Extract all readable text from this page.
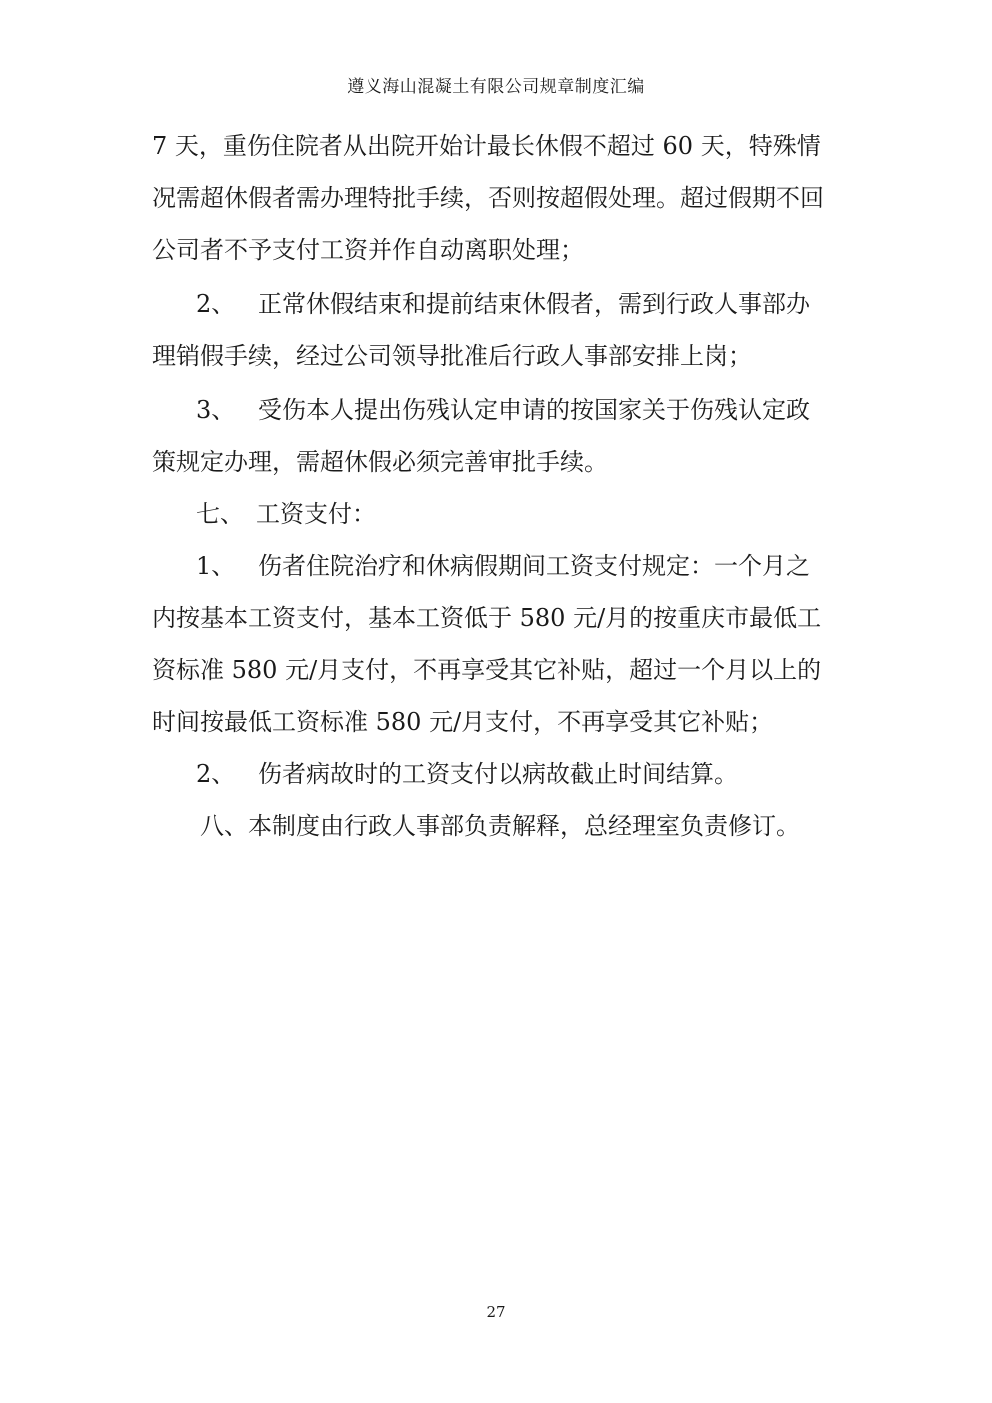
遵义海山混凝土有限公司规章制度汇编
7 天，重伤住院者从出院开始计最长休假不超过 60 天，特殊情
况需超休假者需办理特批手续，否则按超假处理。超过假期不回
公司者不予支付工资并作自动离职处理；
2、 正常休假结束和提前结束休假者，需到行政人事部办
理销假手续，经过公司领导批准后行政人事部安排上岗；
3、 受伤本人提出伤残认定申请的按国家关于伤残认定政
策规定办理，需超休假必须完善审批手续。
七、 工资支付：
1、 伤者住院治疗和休病假期间工资支付规定：一个月之
内按基本工资支付，基本工资低于 580 元/月的按重庆市最低工
资标准 580 元/月支付，不再享受其它补贴，超过一个月以上的
时间按最低工资标准 580 元/月支付，不再享受其它补贴；
2、 伤者病故时的工资支付以病故截止时间结算。
八、本制度由行政人事部负责解释，总经理室负责修订。
27
